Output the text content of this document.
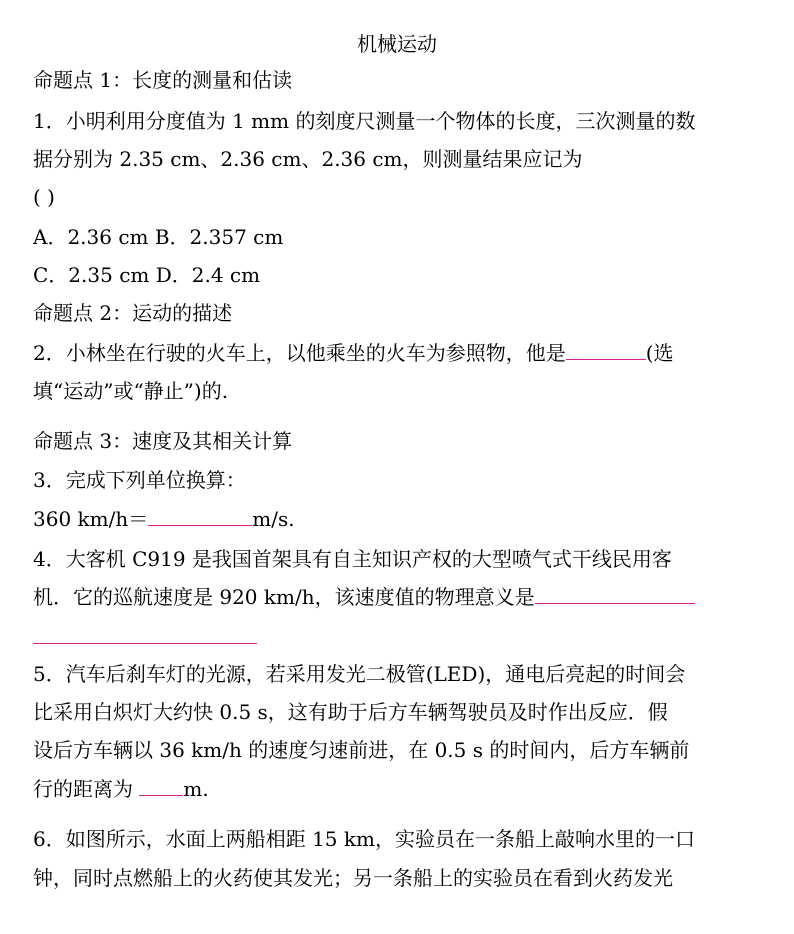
机械运动
命题点 1：长度的测量和估读
1．小明利用分度值为 1 mm 的刻度尺测量一个物体的长度，三次测量的数
据分别为 2.35 cm、2.36 cm、2.36 cm，则测量结果应记为
( )
A．2.36 cm B．2.357 cm
C．2.35 cm D．2.4 cm
命题点 2：运动的描述
2．小林坐在行驶的火车上，以他乘坐的火车为参照物，他是	(选
填“运动”或“静止”)的.
命题点 3：速度及其相关计算
3．完成下列单位换算：
360 km/h＝	m/s.
4．大客机 C919 是我国首架具有自主知识产权的大型喷气式干线民用客
机．它的巡航速度是 920 km/h，该速度值的物理意义是
5．汽车后刹车灯的光源，若采用发光二极管(LED)，通电后亮起的时间会
比采用白炽灯大约快 0.5 s，这有助于后方车辆驾驶员及时作出反应．假
设后方车辆以 36 km/h 的速度匀速前进，在 0.5 s 的时间内，后方车辆前
行的距离为 m.
6．如图所示，水面上两船相距 15 km，实验员在一条船上敲响水里的一口
钟，同时点燃船上的火药使其发光；另一条船上的实验员在看到火药发光
